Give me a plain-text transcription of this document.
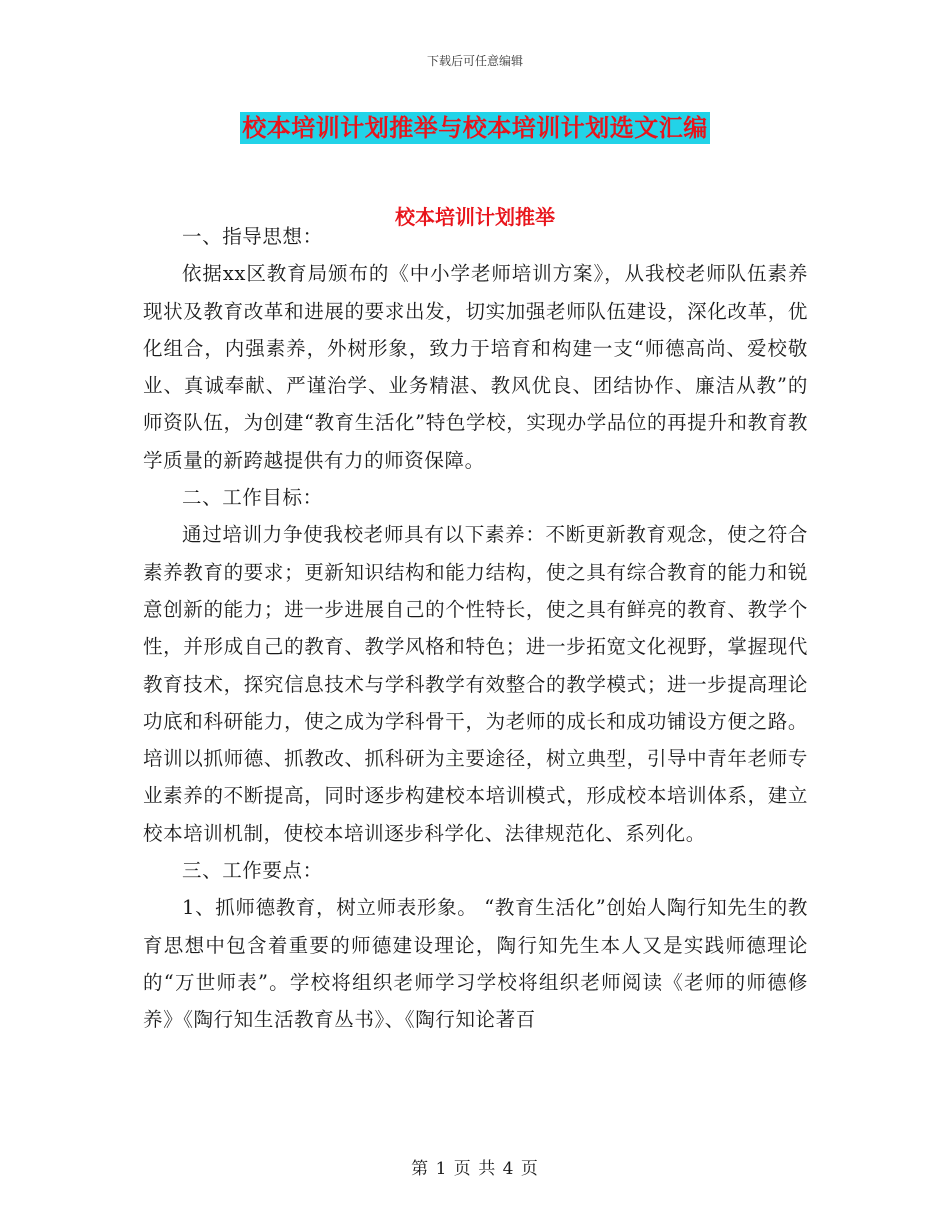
下载后可任意编辑
校本培训计划推举与校本培训计划选文汇编
校本培训计划推举

一、指导思想：

依据xx区教育局颁布的《中小学老师培训方案》，从我校老师队伍素养现状及教育改革和进展的要求出发，切实加强老师队伍建设，深化改革，优化组合，内强素养，外树形象，致力于培育和构建一支“师德高尚、爱校敬业、真诚奉献、严谨治学、业务精湛、教风优良、团结协作、廉洁从教”的师资队伍，为创建“教育生活化”特色学校，实现办学品位的再提升和教育教学质量的新跨越提供有力的师资保障。

二、工作目标：

通过培训力争使我校老师具有以下素养：不断更新教育观念，使之符合素养教育的要求；更新知识结构和能力结构，使之具有综合教育的能力和锐意创新的能力；进一步进展自己的个性特长，使之具有鲜亮的教育、教学个性，并形成自己的教育、教学风格和特色；进一步拓宽文化视野，掌握现代教育技术，探究信息技术与学科教学有效整合的教学模式；进一步提高理论功底和科研能力，使之成为学科骨干，为老师的成长和成功铺设方便之路。培训以抓师德、抓教改、抓科研为主要途径，树立典型，引导中青年老师专业素养的不断提高，同时逐步构建校本培训模式，形成校本培训体系，建立校本培训机制，使校本培训逐步科学化、法律规范化、系列化。

三、工作要点：

1、抓师德教育，树立师表形象。 “教育生活化”创始人陶行知先生的教育思想中包含着重要的师德建设理论，陶行知先生本人又是实践师德理论的“万世师表”。学校将组织老师学习学校将组织老师阅读《老师的师德修养》《陶行知生活教育丛书》、《陶行知论著百

第 1 页 共 4 页
